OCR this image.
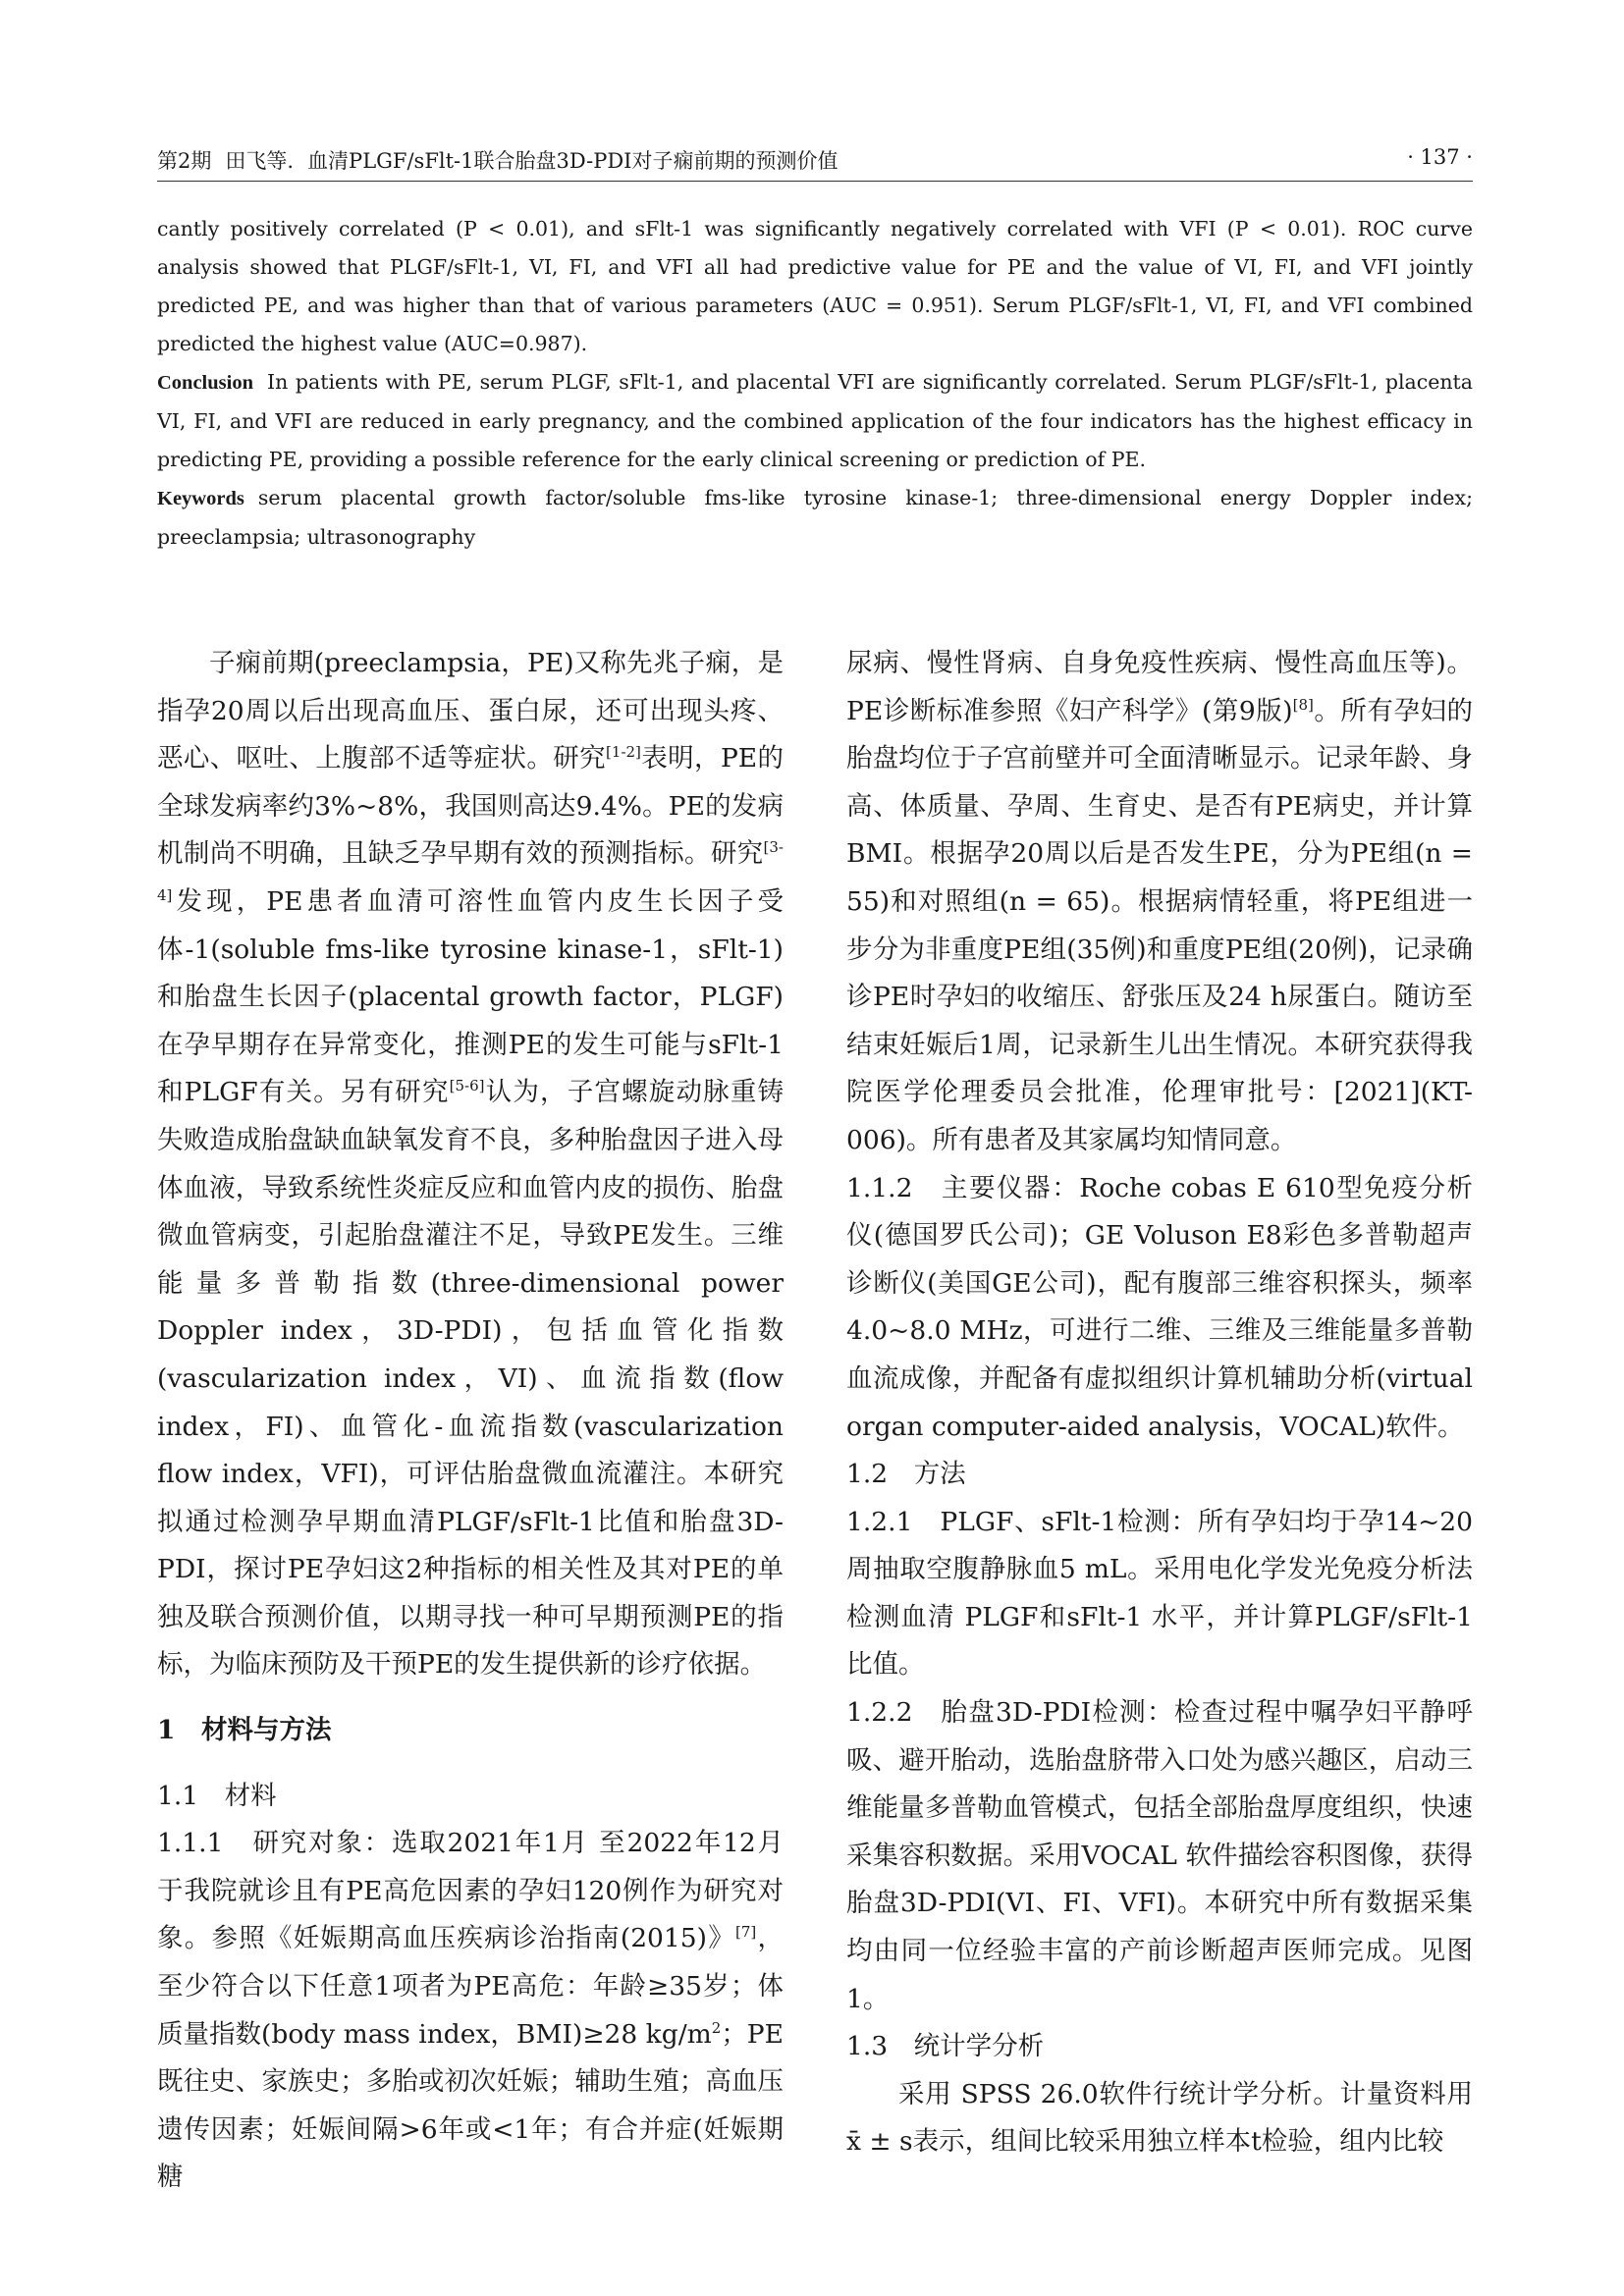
第2期 田飞等. 血清PLGF/sFlt-1联合胎盘3D-PDI对子痫前期的预测价值	· 137 ·

cantly positively correlated (P < 0.01), and sFlt-1 was significantly negatively correlated with VFI (P < 0.01). ROC curve analysis showed that PLGF/sFlt-1, VI, FI, and VFI all had predictive value for PE and the value of VI, FI, and VFI jointly predicted PE, and was higher than that of various parameters (AUC = 0.951). Serum PLGF/sFlt-1, VI, FI, and VFI combined predicted the highest value (AUC=0.987).

Conclusion In patients with PE, serum PLGF, sFlt-1, and placental VFI are significantly correlated. Serum PLGF/sFlt-1, placenta VI, FI, and VFI are reduced in early pregnancy, and the combined application of the four indicators has the highest efficacy in predicting PE, providing a possible reference for the early clinical screening or prediction of PE.

Keywords serum placental growth factor/soluble fms-like tyrosine kinase-1; three-dimensional energy Doppler index; preeclampsia; ultrasonography

子痫前期(preeclampsia，PE)又称先兆子痫，是指孕20周以后出现高血压、蛋白尿，还可出现头疼、恶心、呕吐、上腹部不适等症状。研究[1-2]表明，PE的全球发病率约3%~8%，我国则高达9.4%。PE的发病机制尚不明确，且缺乏孕早期有效的预测指标。研究[3-4]发现，PE患者血清可溶性血管内皮生长因子受体-1(soluble fms-like tyrosine kinase-1，sFlt-1)和胎盘生长因子(placental growth factor，PLGF)在孕早期存在异常变化，推测PE的发生可能与sFlt-1和PLGF有关。另有研究[5-6]认为，子宫螺旋动脉重铸失败造成胎盘缺血缺氧发育不良，多种胎盘因子进入母体血液，导致系统性炎症反应和血管内皮的损伤、胎盘微血管病变，引起胎盘灌注不足，导致PE发生。三维能量多普勒指数(three-dimensional power Doppler index，3D-PDI)，包括血管化指数(vascularization index，VI)、血流指数(flow index，FI)、血管化-血流指数(vascularization flow index，VFI)，可评估胎盘微血流灌注。本研究拟通过检测孕早期血清PLGF/sFlt-1比值和胎盘3D-PDI，探讨PE孕妇这2种指标的相关性及其对PE的单独及联合预测价值，以期寻找一种可早期预测PE的指标，为临床预防及干预PE的发生提供新的诊疗依据。

1　材料与方法

1.1　材料

1.1.1　研究对象：选取2021年1月 至2022年12月 于我院就诊且有PE高危因素的孕妇120例作为研究对象。参照《妊娠期高血压疾病诊治指南(2015)》[7]，至少符合以下任意1项者为PE高危：年龄≥35岁；体质量指数(body mass index，BMI)≥28 $kg/m^2$；PE既往史、家族史；多胎或初次妊娠；辅助生殖；高血压遗传因素；妊娠间隔>6年或<1年；有合并症(妊娠期糖

尿病、慢性肾病、自身免疫性疾病、慢性高血压等)。PE诊断标准参照《妇产科学》(第9版)[8]。所有孕妇的胎盘均位于子宫前壁并可全面清晰显示。记录年龄、身高、体质量、孕周、生育史、是否有PE病史，并计算BMI。根据孕20周以后是否发生PE，分为PE组(n = 55)和对照组(n = 65)。根据病情轻重，将PE组进一步分为非重度PE组(35例)和重度PE组(20例)，记录确诊PE时孕妇的收缩压、舒张压及24 h尿蛋白。随访至结束妊娠后1周，记录新生儿出生情况。本研究获得我院医学伦理委员会批准，伦理审批号：[2021](KT-006)。所有患者及其家属均知情同意。

1.1.2　主要仪器：Roche cobas E 610型免疫分析仪(德国罗氏公司)；GE Voluson E8彩色多普勒超声诊断仪(美国GE公司)，配有腹部三维容积探头，频率4.0~8.0 MHz，可进行二维、三维及三维能量多普勒血流成像，并配备有虚拟组织计算机辅助分析(virtual organ computer-aided analysis，VOCAL)软件。

1.2　方法

1.2.1　PLGF、sFlt-1检测：所有孕妇均于孕14~20周抽取空腹静脉血5 mL。采用电化学发光免疫分析法检测血清 PLGF和sFlt-1 水平，并计算PLGF/sFlt-1比值。

1.2.2　胎盘3D-PDI检测：检查过程中嘱孕妇平静呼吸、避开胎动，选胎盘脐带入口处为感兴趣区，启动三维能量多普勒血管模式，包括全部胎盘厚度组织，快速采集容积数据。采用VOCAL 软件描绘容积图像，获得胎盘3D-PDI(VI、FI、VFI)。本研究中所有数据采集均由同一位经验丰富的产前诊断超声医师完成。见图1。

1.3　统计学分析

采用 SPSS 26.0软件行统计学分析。计量资料用x̄ ± s表示，组间比较采用独立样本t检验，组内比较
